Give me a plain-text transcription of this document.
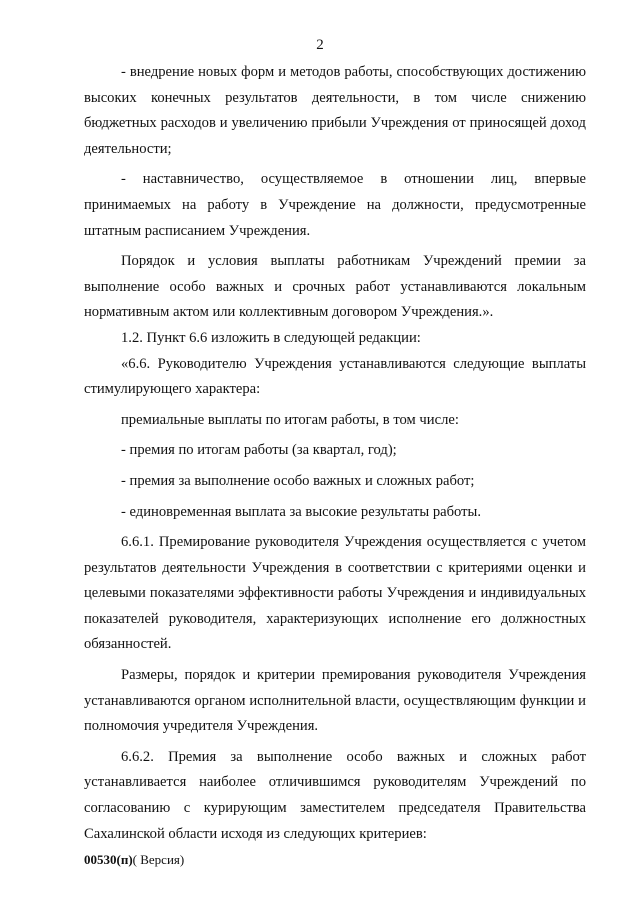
2

- внедрение новых форм и методов работы, способствующих достижению высоких конечных результатов деятельности, в том числе снижению бюджетных расходов и увеличению прибыли Учреждения от приносящей доход деятельности;

- наставничество, осуществляемое в отношении лиц, впервые принимаемых на работу в Учреждение на должности, предусмотренные штатным расписанием Учреждения.

Порядок и условия выплаты работникам Учреждений премии за выполнение особо важных и срочных работ устанавливаются локальным нормативным актом или коллективным договором Учреждения.».

1.2. Пункт 6.6 изложить в следующей редакции:

«6.6. Руководителю Учреждения устанавливаются следующие выплаты стимулирующего характера:

премиальные выплаты по итогам работы, в том числе:

- премия по итогам работы (за квартал, год);

- премия за выполнение особо важных и сложных работ;

- единовременная выплата за высокие результаты работы.

6.6.1. Премирование руководителя Учреждения осуществляется с учетом результатов деятельности Учреждения в соответствии с критериями оценки и целевыми показателями эффективности работы Учреждения и индивидуальных показателей руководителя, характеризующих исполнение его должностных обязанностей.

Размеры, порядок и критерии премирования руководителя Учреждения устанавливаются органом исполнительной власти, осуществляющим функции и полномочия учредителя Учреждения.

6.6.2. Премия за выполнение особо важных и сложных работ устанавливается наиболее отличившимся руководителям Учреждений по согласованию с курирующим заместителем председателя Правительства Сахалинской области исходя из следующих критериев:

00530(п)( Версия)
